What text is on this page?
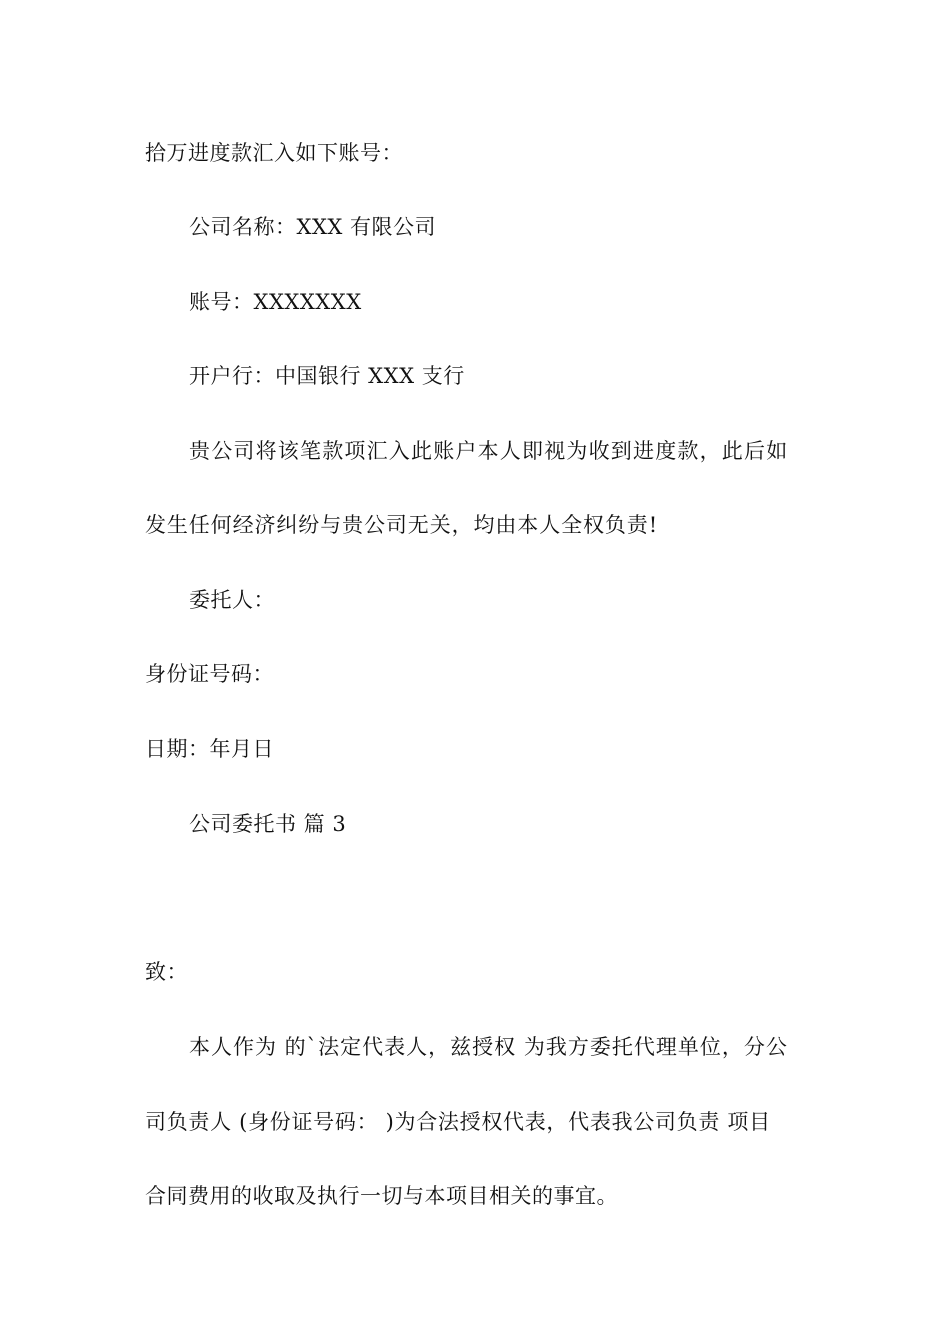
拾万进度款汇入如下账号：
公司名称：XXX 有限公司
账号：XXXXXXX
开户行：中国银行 XXX 支行
贵公司将该笔款项汇入此账户本人即视为收到进度款，此后如
发生任何经济纠纷与贵公司无关，均由本人全权负责!
委托人：
身份证号码：
日期：年月日
公司委托书 篇 3
致：
本人作为 的`法定代表人，兹授权 为我方委托代理单位，分公
司负责人 (身份证号码： )为合法授权代表，代表我公司负责 项目
合同费用的收取及执行一切与本项目相关的事宜。
